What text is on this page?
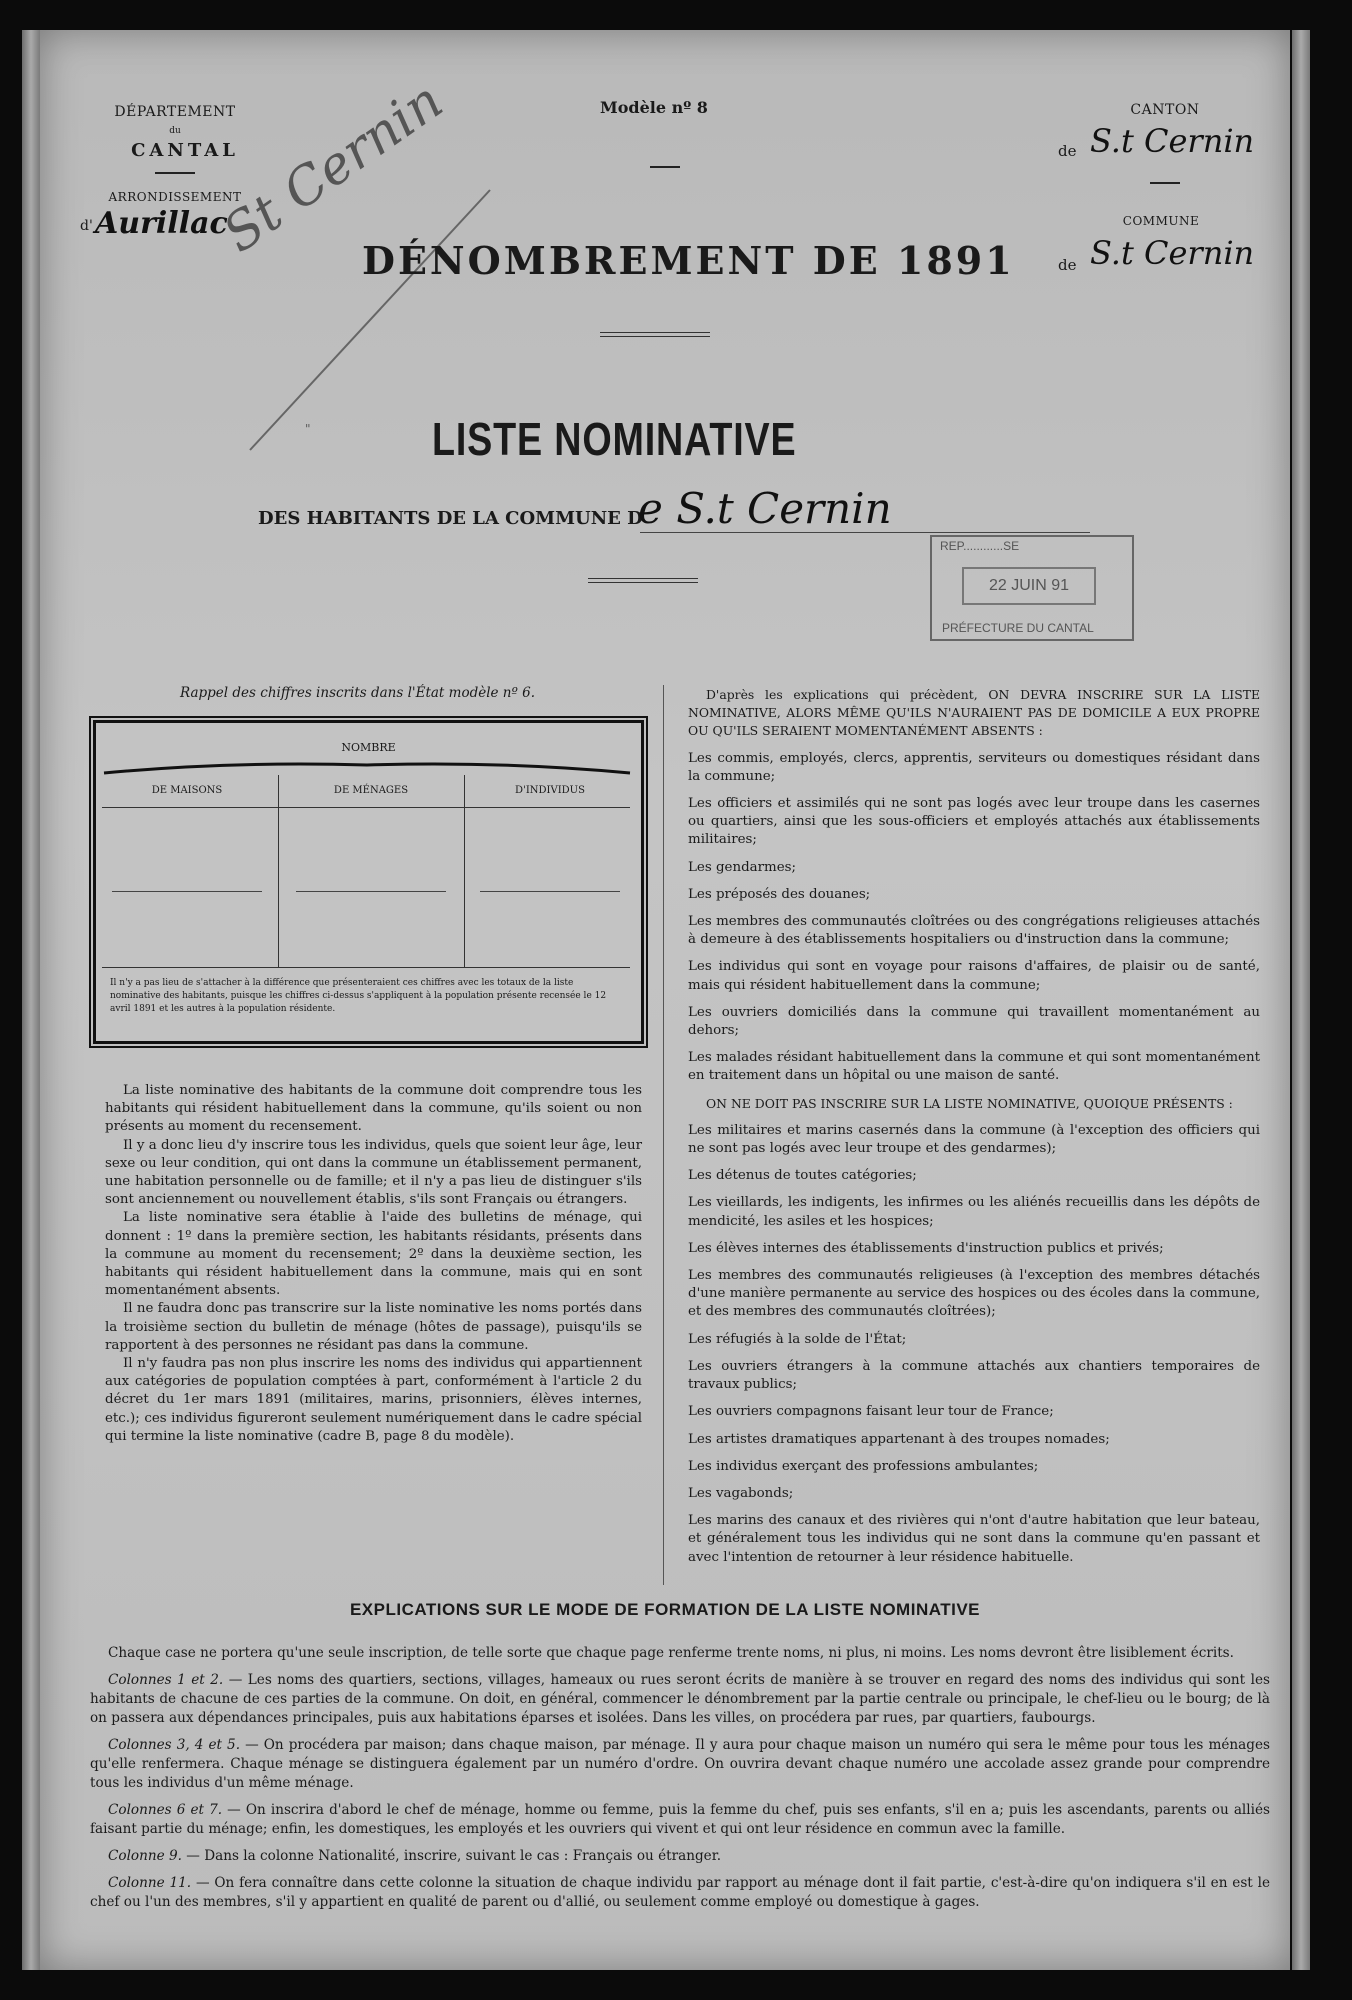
DÉPARTEMENT
du
CANTAL
ARRONDISSEMENT
d' Aurillac
St Cernin	Modèle nº 8
DÉNOMBREMENT DE 1891
CANTON
de S.t Cernin
COMMUNE
de S.t Cernin
"	LISTE NOMINATIVE
DES HABITANTS DE LA COMMUNE D
e S.t Cernin
REP............SE
22 JUIN 91
PRÉFECTURE DU CANTAL
Rappel des chiffres inscrits dans l'État modèle nº 6.
NOMBRE
DE MAISONS	DE MÉNAGES	D'INDIVIDUS
Il n'y a pas lieu de s'attacher à la différence que présenteraient ces chiffres avec les totaux de la liste nominative des habitants, puisque les chiffres ci-dessus s'appliquent à la population présente recensée le 12 avril 1891 et les autres à la population résidente.

La liste nominative des habitants de la commune doit comprendre tous les habitants qui résident habituellement dans la commune, qu'ils soient ou non présents au moment du recensement.

Il y a donc lieu d'y inscrire tous les individus, quels que soient leur âge, leur sexe ou leur condition, qui ont dans la commune un établissement permanent, une habitation personnelle ou de famille; et il n'y a pas lieu de distinguer s'ils sont anciennement ou nouvellement établis, s'ils sont Français ou étrangers.

La liste nominative sera établie à l'aide des bulletins de ménage, qui donnent : 1º dans la première section, les habitants résidants, présents dans la commune au moment du recensement; 2º dans la deuxième section, les habitants qui résident habituellement dans la commune, mais qui en sont momentanément absents.

Il ne faudra donc pas transcrire sur la liste nominative les noms portés dans la troisième section du bulletin de ménage (hôtes de passage), puisqu'ils se rapportent à des personnes ne résidant pas dans la commune.

Il n'y faudra pas non plus inscrire les noms des individus qui appartiennent aux catégories de population comptées à part, conformément à l'article 2 du décret du 1er mars 1891 (militaires, marins, prisonniers, élèves internes, etc.); ces individus figureront seulement numériquement dans le cadre spécial qui termine la liste nominative (cadre B, page 8 du modèle).

D'après les explications qui précèdent, ON DEVRA INSCRIRE SUR LA LISTE NOMINATIVE, ALORS MÊME QU'ILS N'AURAIENT PAS DE DOMICILE A EUX PROPRE OU QU'ILS SERAIENT MOMENTANÉMENT ABSENTS :

Les commis, employés, clercs, apprentis, serviteurs ou domestiques résidant dans la commune;

Les officiers et assimilés qui ne sont pas logés avec leur troupe dans les casernes ou quartiers, ainsi que les sous-officiers et employés attachés aux établissements militaires;

Les gendarmes;

Les préposés des douanes;

Les membres des communautés cloîtrées ou des congrégations religieuses attachés à demeure à des établissements hospitaliers ou d'instruction dans la commune;

Les individus qui sont en voyage pour raisons d'affaires, de plaisir ou de santé, mais qui résident habituellement dans la commune;

Les ouvriers domiciliés dans la commune qui travaillent momentanément au dehors;

Les malades résidant habituellement dans la commune et qui sont momentanément en traitement dans un hôpital ou une maison de santé.

ON NE DOIT PAS INSCRIRE SUR LA LISTE NOMINATIVE, QUOIQUE PRÉSENTS :

Les militaires et marins casernés dans la commune (à l'exception des officiers qui ne sont pas logés avec leur troupe et des gendarmes);

Les détenus de toutes catégories;

Les vieillards, les indigents, les infirmes ou les aliénés recueillis dans les dépôts de mendicité, les asiles et les hospices;

Les élèves internes des établissements d'instruction publics et privés;

Les membres des communautés religieuses (à l'exception des membres détachés d'une manière permanente au service des hospices ou des écoles dans la commune, et des membres des communautés cloîtrées);

Les réfugiés à la solde de l'État;

Les ouvriers étrangers à la commune attachés aux chantiers temporaires de travaux publics;

Les ouvriers compagnons faisant leur tour de France;

Les artistes dramatiques appartenant à des troupes nomades;

Les individus exerçant des professions ambulantes;

Les vagabonds;

Les marins des canaux et des rivières qui n'ont d'autre habitation que leur bateau, et généralement tous les individus qui ne sont dans la commune qu'en passant et avec l'intention de retourner à leur résidence habituelle.

EXPLICATIONS SUR LE MODE DE FORMATION DE LA LISTE NOMINATIVE

Chaque case ne portera qu'une seule inscription, de telle sorte que chaque page renferme trente noms, ni plus, ni moins. Les noms devront être lisiblement écrits.

Colonnes 1 et 2. — Les noms des quartiers, sections, villages, hameaux ou rues seront écrits de manière à se trouver en regard des noms des individus qui sont les habitants de chacune de ces parties de la commune. On doit, en général, commencer le dénombrement par la partie centrale ou principale, le chef-lieu ou le bourg; de là on passera aux dépendances principales, puis aux habitations éparses et isolées. Dans les villes, on procédera par rues, par quartiers, faubourgs.

Colonnes 3, 4 et 5. — On procédera par maison; dans chaque maison, par ménage. Il y aura pour chaque maison un numéro qui sera le même pour tous les ménages qu'elle renfermera. Chaque ménage se distinguera également par un numéro d'ordre. On ouvrira devant chaque numéro une accolade assez grande pour comprendre tous les individus d'un même ménage.

Colonnes 6 et 7. — On inscrira d'abord le chef de ménage, homme ou femme, puis la femme du chef, puis ses enfants, s'il en a; puis les ascendants, parents ou alliés faisant partie du ménage; enfin, les domestiques, les employés et les ouvriers qui vivent et qui ont leur résidence en commun avec la famille.

Colonne 9. — Dans la colonne Nationalité, inscrire, suivant le cas : Français ou étranger.

Colonne 11. — On fera connaître dans cette colonne la situation de chaque individu par rapport au ménage dont il fait partie, c'est-à-dire qu'on indiquera s'il en est le chef ou l'un des membres, s'il y appartient en qualité de parent ou d'allié, ou seulement comme employé ou domestique à gages.
